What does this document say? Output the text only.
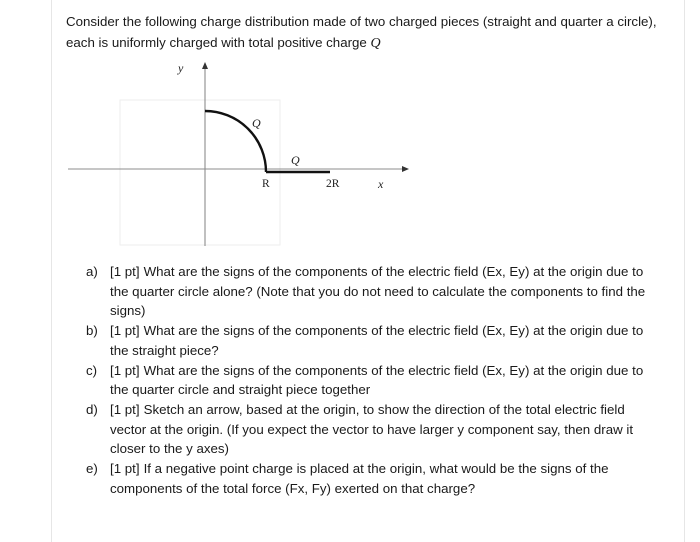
Consider the following charge distribution made of two charged pieces (straight and quarter a circle), each is uniformly charged with total positive charge Q

y
x
Q
Q
R	2R
a) [1 pt] What are the signs of the components of the electric field (Ex, Ey) at the origin due to the quarter circle alone? (Note that you do not need to calculate the components to find the signs)
b) [1 pt] What are the signs of the components of the electric field (Ex, Ey) at the origin due to the straight piece?
c) [1 pt] What are the signs of the components of the electric field (Ex, Ey) at the origin due to the quarter circle and straight piece together
d) [1 pt] Sketch an arrow, based at the origin, to show the direction of the total electric field vector at the origin. (If you expect the vector to have larger y component say, then draw it closer to the y axes)
e) [1 pt] If a negative point charge is placed at the origin, what would be the signs of the components of the total force (Fx, Fy) exerted on that charge?
